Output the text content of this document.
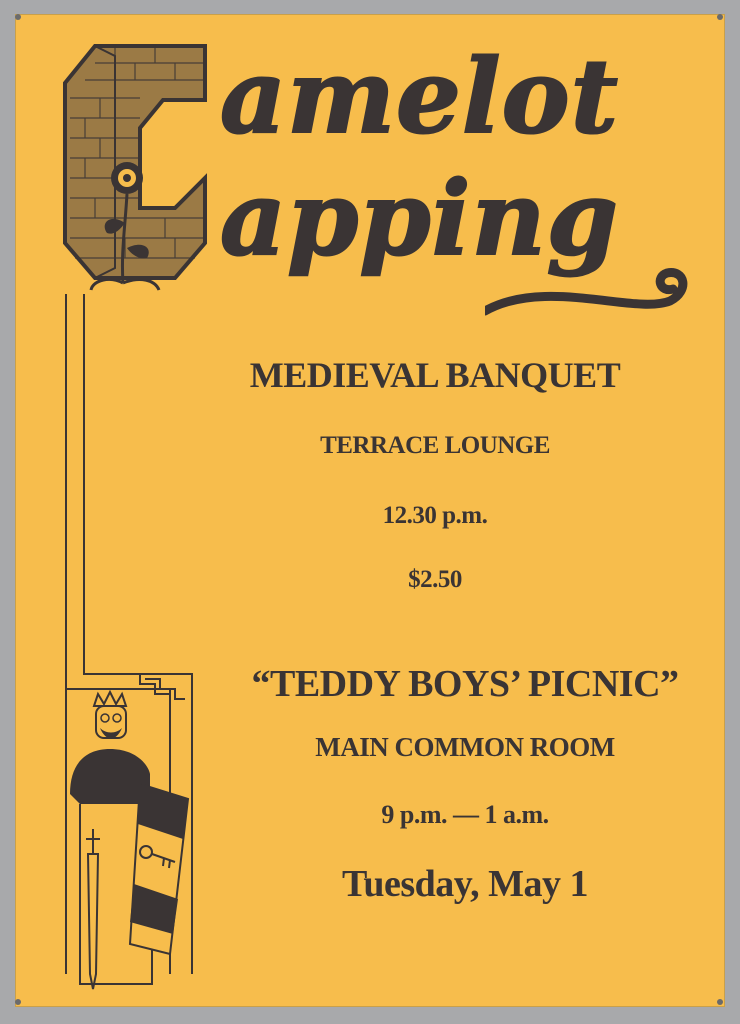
amelot
apping
MEDIEVAL BANQUET
TERRACE LOUNGE
12.30 p.m.
$2.50
“TEDDY BOYS’ PICNIC”
MAIN COMMON ROOM
9 p.m. — 1 a.m.
Tuesday, May 1
